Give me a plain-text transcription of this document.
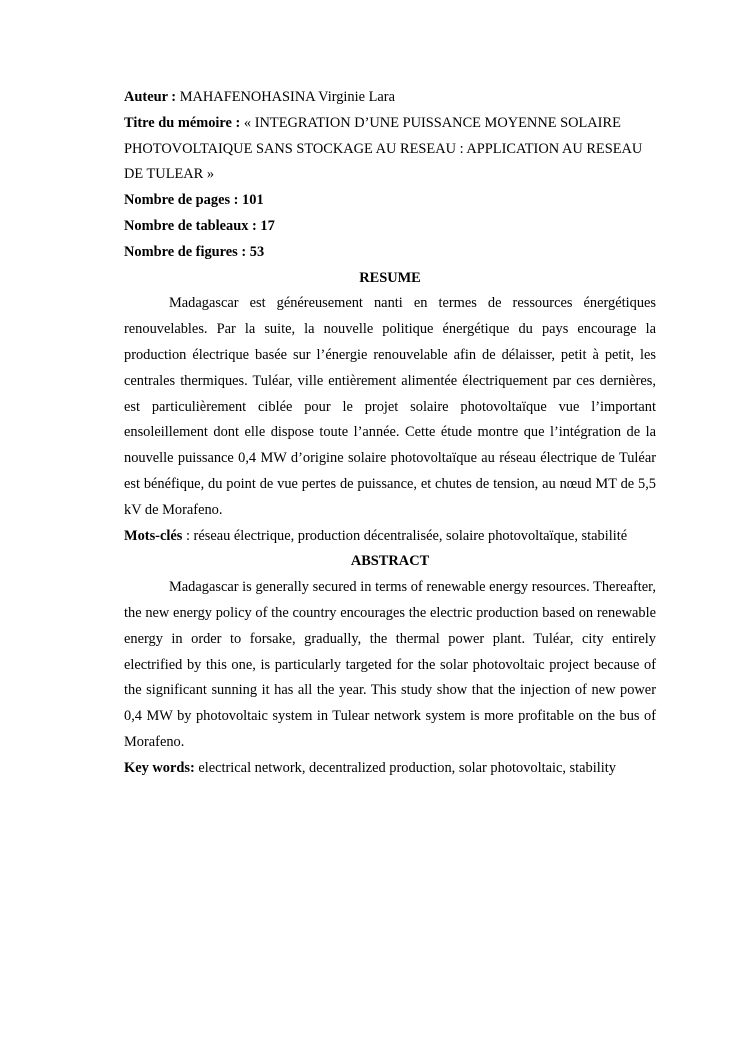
Auteur : MAHAFENOHASINA Virginie Lara

Titre du mémoire : « INTEGRATION D’UNE PUISSANCE MOYENNE SOLAIRE PHOTOVOLTAIQUE SANS STOCKAGE AU RESEAU : APPLICATION AU RESEAU DE TULEAR »

Nombre de pages : 101

Nombre de tableaux : 17

Nombre de figures : 53

RESUME

Madagascar est généreusement nanti en termes de ressources énergétiques renouvelables. Par la suite, la nouvelle politique énergétique du pays encourage la production électrique basée sur l’énergie renouvelable afin de délaisser, petit à petit, les centrales thermiques. Tuléar, ville entièrement alimentée électriquement par ces dernières, est particulièrement ciblée pour le projet solaire photovoltaïque vue l’important ensoleillement dont elle dispose toute l’année. Cette étude montre que l’intégration de la nouvelle puissance 0,4 MW d’origine solaire photovoltaïque au réseau électrique de Tuléar est bénéfique, du point de vue pertes de puissance, et chutes de tension, au nœud MT de 5,5 kV de Morafeno.

Mots-clés : réseau électrique, production décentralisée, solaire photovoltaïque, stabilité

ABSTRACT

Madagascar is generally secured in terms of renewable energy resources. Thereafter, the new energy policy of the country encourages the electric production based on renewable energy in order to forsake, gradually, the thermal power plant. Tuléar, city entirely electrified by this one, is particularly targeted for the solar photovoltaic project because of the significant sunning it has all the year. This study show that the injection of new power 0,4 MW by photovoltaic system in Tulear network system is more profitable on the bus of Morafeno.

Key words: electrical network, decentralized production, solar photovoltaic, stability
